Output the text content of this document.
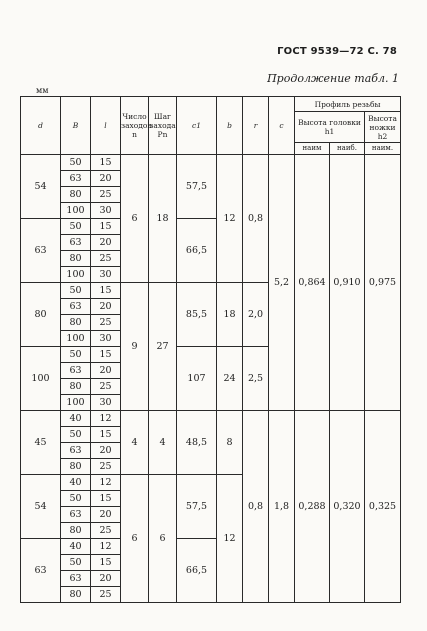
ГОСТ 9539—72 С. 78
Продолжение табл. 1
мм
d	B	l	Число заходов n	Шаг захода Pn	c1	b	r	c	Профиль резьбы		
									Высота головки h1		Высота ножки h2
									наим	наиб.	наим.
54	50	15	6	18	57,5	12	0,8	5,2	0,864	0,910	0,975
	63	20									
	80	25									
	100	30									
63	50	15			66,5						
	63	20									
	80	25									
	100	30									
80	50	15	9	27	85,5	18	2,0				
	63	20									
	80	25									
	100	30									
100	50	15			107	24	2,5				
	63	20									
	80	25									
	100	30									
45	40	12	4	4	48,5	8	0,8	1,8	0,288	0,320	0,325
	50	15									
	63	20									
	80	25									
54	40	12	6	6	57,5	12					
	50	15									
	63	20									
	80	25									
63	40	12			66,5						
	50	15									
	63	20									
	80	25									
